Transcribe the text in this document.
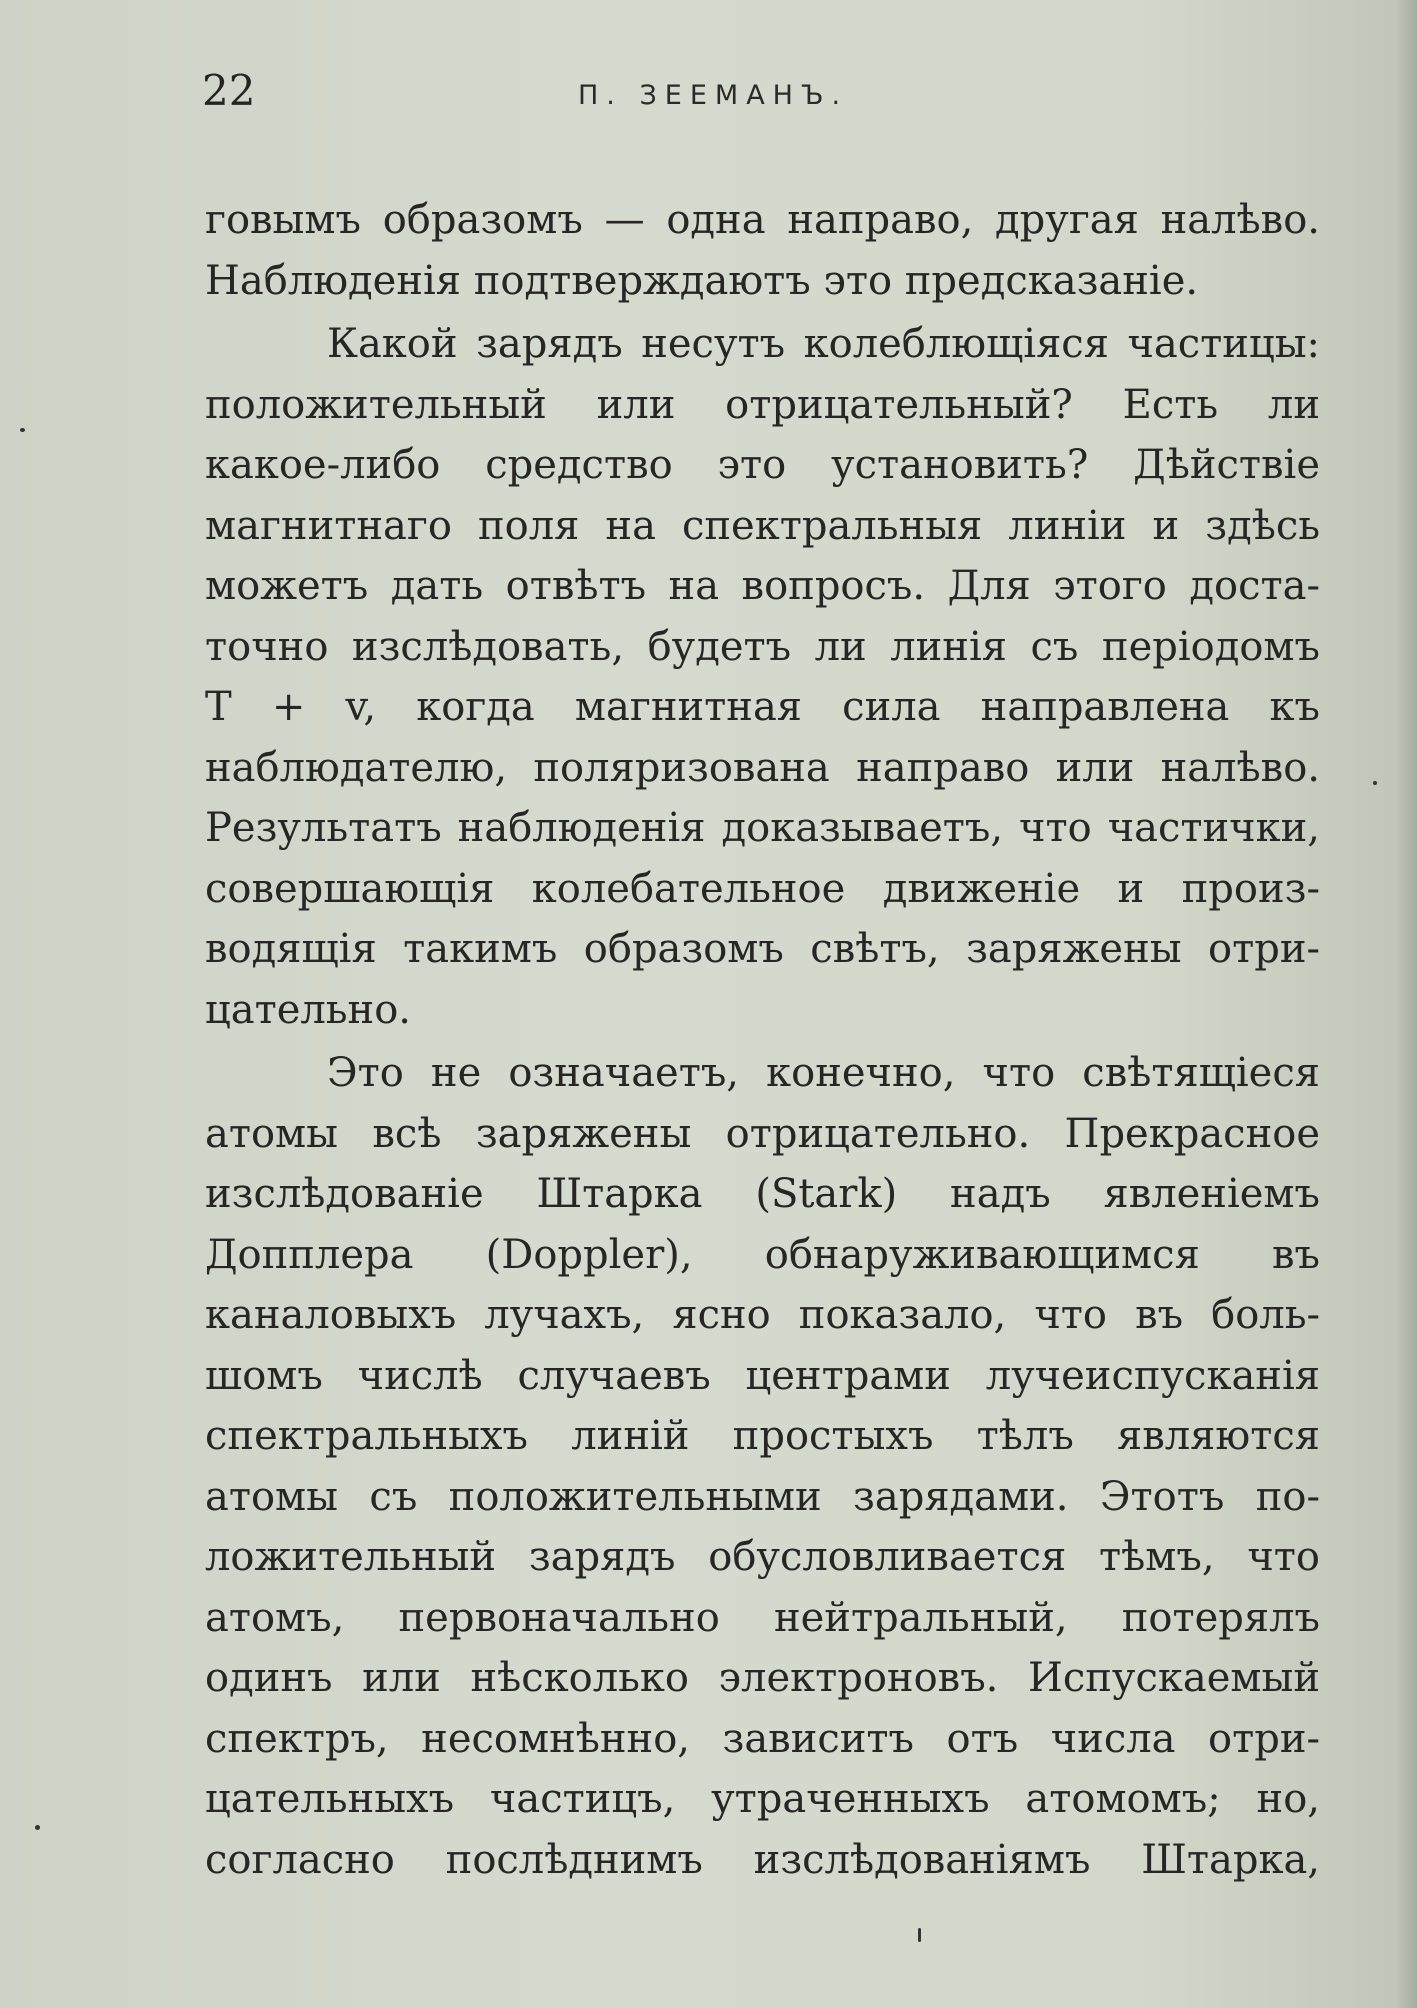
22	П. ЗЕЕМАНЪ.
говымъ образомъ — одна направо, другая налѣво.
Наблюденія подтверждаютъ это предсказаніе.
Какой зарядъ несутъ колеблющіяся частицы:
положительный или отрицательный? Есть ли
какое-либо средство это установить? Дѣйствіе
магнитнаго поля на спектральныя линіи и здѣсь
можетъ дать отвѣтъ на вопросъ. Для этого доста-
точно изслѣдовать, будетъ ли линія съ періодомъ
T + v, когда магнитная сила направлена къ
наблюдателю, поляризована направо или налѣво.
Результатъ наблюденія доказываетъ, что частички,
совершающія колебательное движеніе и произ-
водящія такимъ образомъ свѣтъ, заряжены отри-
цательно.
Это не означаетъ, конечно, что свѣтящіеся
атомы всѣ заряжены отрицательно. Прекрасное
изслѣдованіе Штарка (Stark) надъ явленіемъ
Допплера (Doppler), обнаруживающимся въ
каналовыхъ лучахъ, ясно показало, что въ боль-
шомъ числѣ случаевъ центрами лучеиспусканія
спектральныхъ линій простыхъ тѣлъ являются
атомы съ положительными зарядами. Этотъ по-
ложительный зарядъ обусловливается тѣмъ, что
атомъ, первоначально нейтральный, потерялъ
одинъ или нѣсколько электроновъ. Испускаемый
спектръ, несомнѣнно, зависитъ отъ числа отри-
цательныхъ частицъ, утраченныхъ атомомъ; но,
согласно послѣднимъ изслѣдованіямъ Штарка,
